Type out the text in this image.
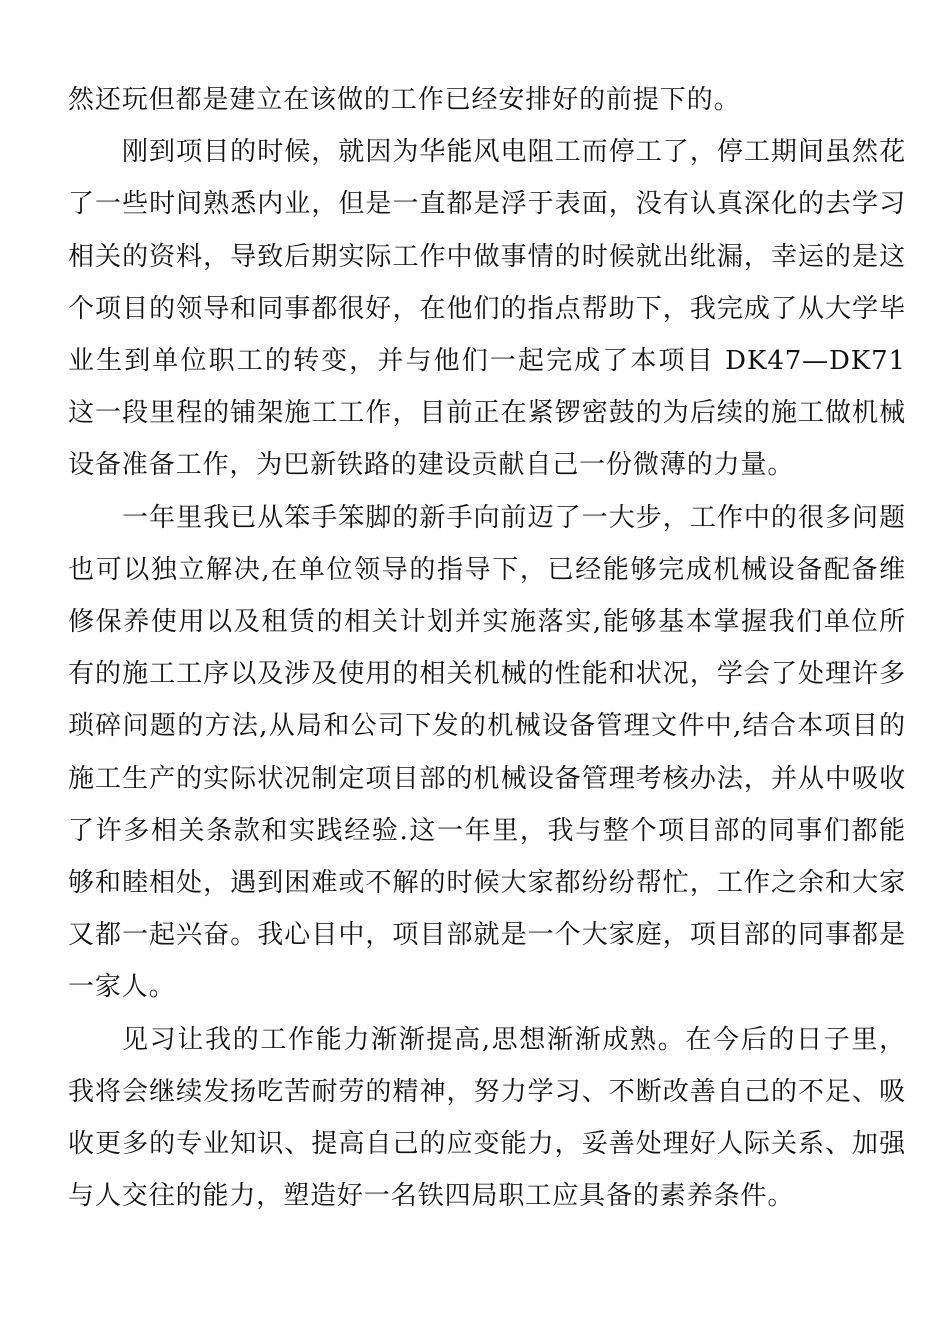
然还玩但都是建立在该做的工作已经安排好的前提下的。

刚到项目的时候，就因为华能风电阻工而停工了，停工期间虽然花了一些时间熟悉内业，但是一直都是浮于表面，没有认真深化的去学习相关的资料，导致后期实际工作中做事情的时候就出纰漏，幸运的是这个项目的领导和同事都很好，在他们的指点帮助下，我完成了从大学毕业生到单位职工的转变，并与他们一起完成了本项目 DK47—DK71 这一段里程的铺架施工工作，目前正在紧锣密鼓的为后续的施工做机械设备准备工作，为巴新铁路的建设贡献自己一份微薄的力量。

一年里我已从笨手笨脚的新手向前迈了一大步，工作中的很多问题也可以独立解决,在单位领导的指导下，已经能够完成机械设备配备维修保养使用以及租赁的相关计划并实施落实,能够基本掌握我们单位所有的施工工序以及涉及使用的相关机械的性能和状况，学会了处理许多琐碎问题的方法,从局和公司下发的机械设备管理文件中,结合本项目的施工生产的实际状况制定项目部的机械设备管理考核办法，并从中吸收了许多相关条款和实践经验.这一年里，我与整个项目部的同事们都能够和睦相处，遇到困难或不解的时候大家都纷纷帮忙，工作之余和大家又都一起兴奋。我心目中，项目部就是一个大家庭，项目部的同事都是一家人。

见习让我的工作能力渐渐提高,思想渐渐成熟。在今后的日子里，我将会继续发扬吃苦耐劳的精神，努力学习、不断改善自己的不足、吸收更多的专业知识、提高自己的应变能力，妥善处理好人际关系、加强与人交往的能力，塑造好一名铁四局职工应具备的素养条件。
